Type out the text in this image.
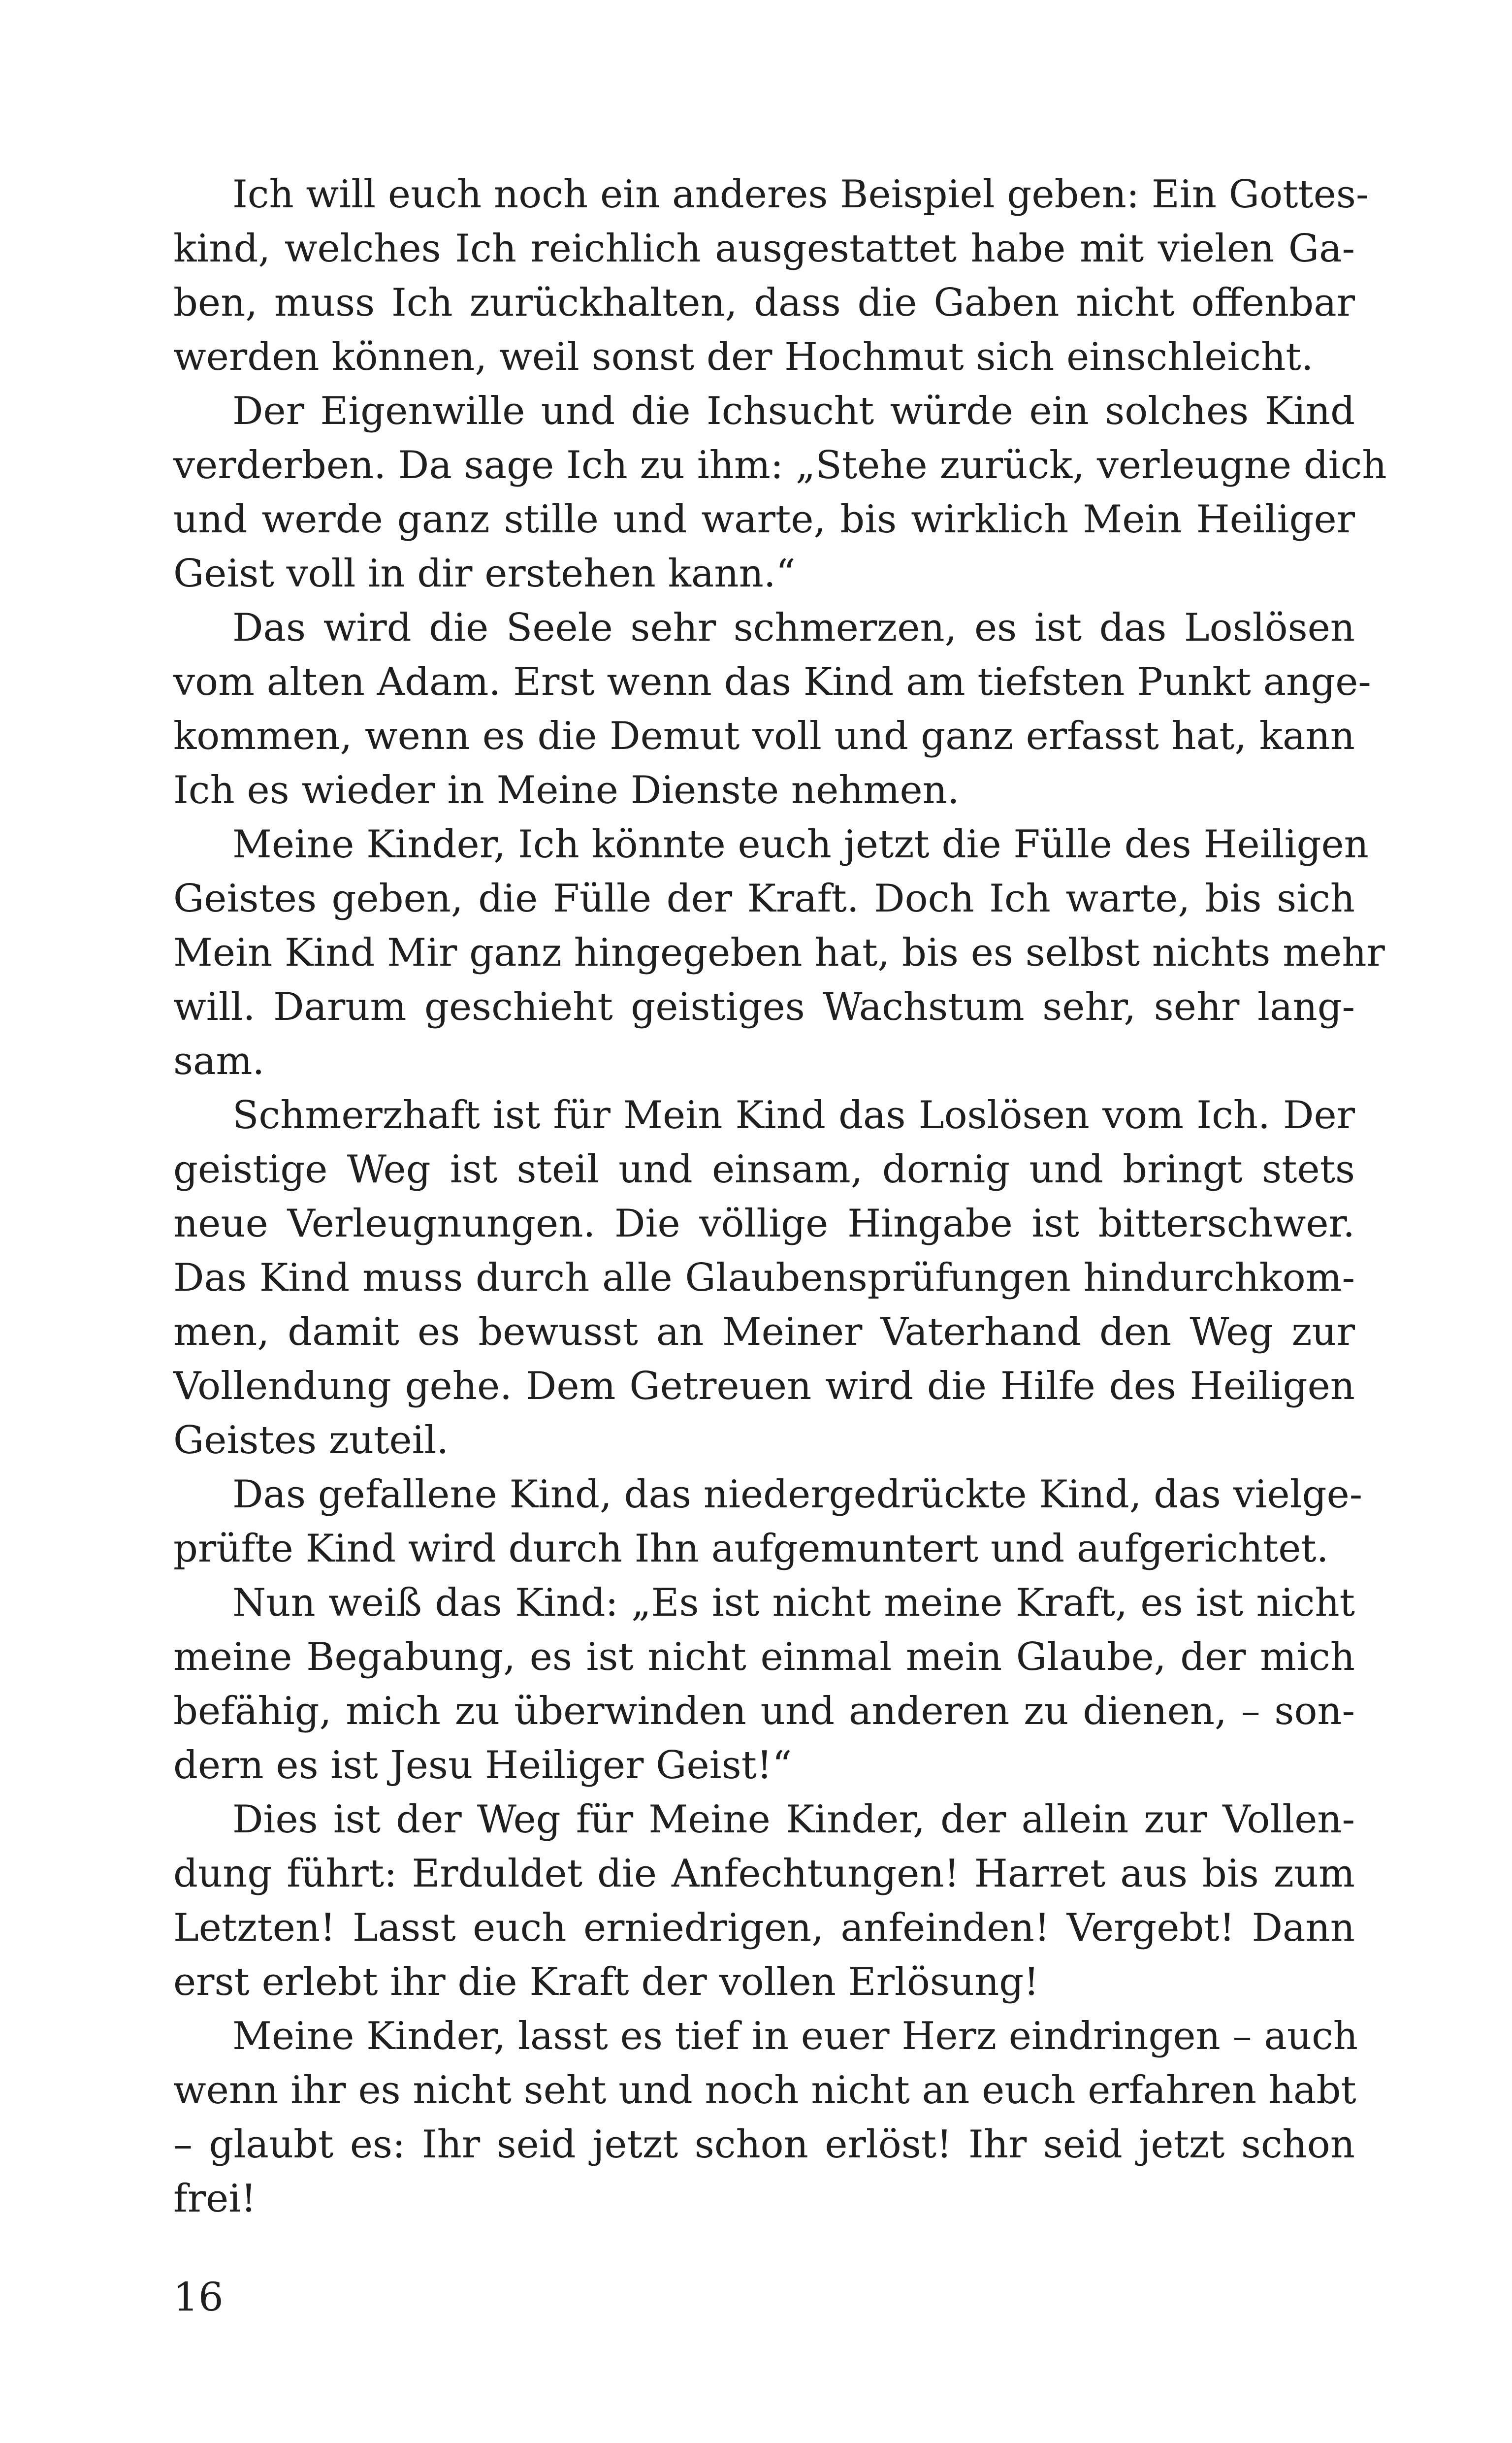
Ich will euch noch ein anderes Beispiel geben: Ein Gottes-
kind, welches Ich reichlich ausgestattet habe mit vielen Ga-
ben, muss Ich zurückhalten, dass die Gaben nicht offenbar
werden können, weil sonst der Hochmut sich einschleicht.
Der Eigenwille und die Ichsucht würde ein solches Kind
verderben. Da sage Ich zu ihm: „Stehe zurück, verleugne dich
und werde ganz stille und warte, bis wirklich Mein Heiliger
Geist voll in dir erstehen kann.“
Das wird die Seele sehr schmerzen, es ist das Loslösen
vom alten Adam. Erst wenn das Kind am tiefsten Punkt ange-
kommen, wenn es die Demut voll und ganz erfasst hat, kann
Ich es wieder in Meine Dienste nehmen.
Meine Kinder, Ich könnte euch jetzt die Fülle des Heiligen
Geistes geben, die Fülle der Kraft. Doch Ich warte, bis sich
Mein Kind Mir ganz hingegeben hat, bis es selbst nichts mehr
will. Darum geschieht geistiges Wachstum sehr, sehr lang-
sam.
Schmerzhaft ist für Mein Kind das Loslösen vom Ich. Der
geistige Weg ist steil und einsam, dornig und bringt stets
neue Verleugnungen. Die völlige Hingabe ist bitterschwer.
Das Kind muss durch alle Glaubensprüfungen hindurchkom-
men, damit es bewusst an Meiner Vaterhand den Weg zur
Vollendung gehe. Dem Getreuen wird die Hilfe des Heiligen
Geistes zuteil.
Das gefallene Kind, das niedergedrückte Kind, das vielge-
prüfte Kind wird durch Ihn aufgemuntert und aufgerichtet.
Nun weiß das Kind: „Es ist nicht meine Kraft, es ist nicht
meine Begabung, es ist nicht einmal mein Glaube, der mich
befähig, mich zu überwinden und anderen zu dienen, – son-
dern es ist Jesu Heiliger Geist!“
Dies ist der Weg für Meine Kinder, der allein zur Vollen-
dung führt: Erduldet die Anfechtungen! Harret aus bis zum
Letzten! Lasst euch erniedrigen, anfeinden! Vergebt! Dann
erst erlebt ihr die Kraft der vollen Erlösung!
Meine Kinder, lasst es tief in euer Herz eindringen – auch
wenn ihr es nicht seht und noch nicht an euch erfahren habt
– glaubt es: Ihr seid jetzt schon erlöst! Ihr seid jetzt schon
frei!
16
